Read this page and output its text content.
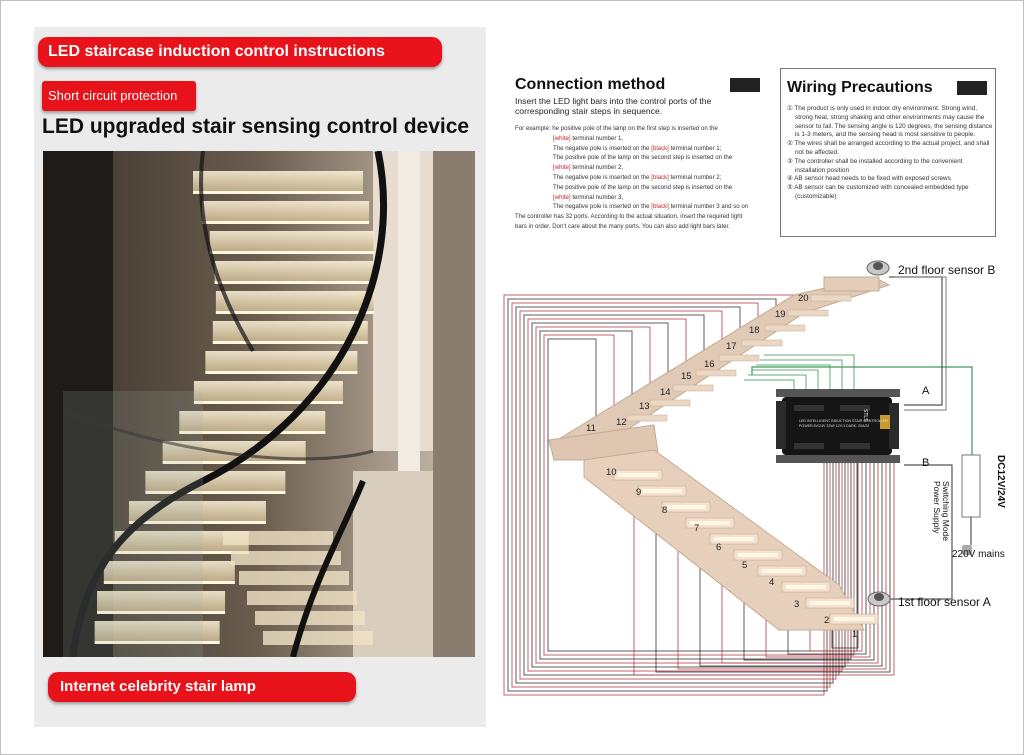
LED staircase induction control instructions
Short circuit protection
LED upgraded stair sensing control device
Internet celebrity stair lamp
Connection method
Insert the LED light bars into the control ports of the corresponding stair steps in sequence.
For example: he positive pole of the lamp on the first step is inserted on the
[white] terminal number 1,
The negative pole is inserted on the [black] terminal number 1;
The positive pole of the lamp on the second step is inserted on the
[white] terminal number 2,
The negative pole is inserted on the [black] terminal number 2;
The positive pole of the lamp on the second step is inserted on the
[white] terminal number 3,
The negative pole is inserted on the [black] terminal number 3 and so on
The controller has 32 ports. According to the actual situation, insert the required light
bars in order. Don't care about the many ports. You can also add light bars later.
Wiring Precautions
① The product is only used in indoor dry environment. Strong wind, strong heat, strong shaking and other environments may cause the sensor to fail. The sensing angle is 120 degrees, the sensing distance is 1-3 meters, and the sensing head is most sensitive to people.
② The wires shall be arranged according to the actual project, and shall not be affected.
③ The controller shall be installed according to the convenient installation position
④ AB sensor head needs to be fixed with exposed screws
⑤ AB sensor can be customized with concealed embedded type (customizable)
2nd floor sensor B
1st floor sensor A
A
B
Switching Mode Power Supply	DC12V/24V
220V mains
LED INTELLIGENT INDUCTION STAIR CONTROLLER POWER:5V/24V 32W/ 12V:3 DARK: 20A/32
STLS
1
2
3
4
5
6
7
8
9
10
11
12
13
14
15
16
17
18
19
20
